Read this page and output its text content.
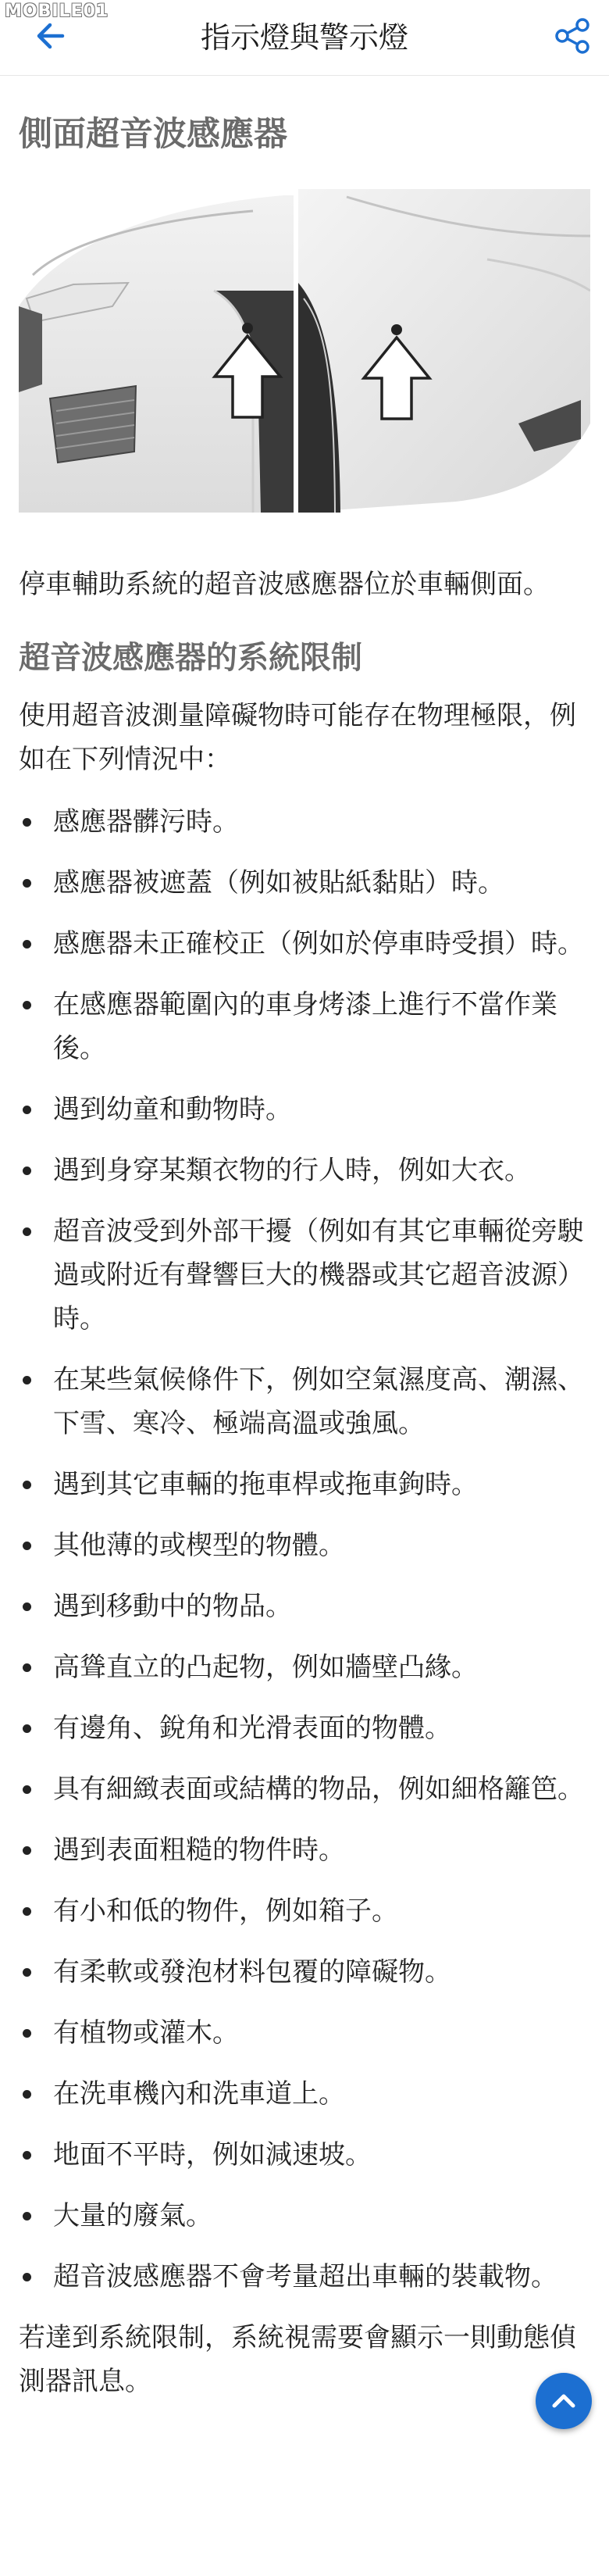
MOBILE01
指示燈與警示燈
側面超音波感應器
停車輔助系統的超音波感應器位於車輛側面。
超音波感應器的系統限制
使用超音波測量障礙物時可能存在物理極限，例如在下列情況中：
感應器髒污時。
感應器被遮蓋（例如被貼紙黏貼）時。
感應器未正確校正（例如於停車時受損）時。
在感應器範圍內的車身烤漆上進行不當作業後。
遇到幼童和動物時。
遇到身穿某類衣物的行人時，例如大衣。
超音波受到外部干擾（例如有其它車輛從旁駛過或附近有聲響巨大的機器或其它超音波源）時。
在某些氣候條件下，例如空氣濕度高、潮濕、下雪、寒冷、極端高溫或強風。
遇到其它車輛的拖車桿或拖車鉤時。
其他薄的或楔型的物體。
遇到移動中的物品。
高聳直立的凸起物，例如牆壁凸緣。
有邊角、銳角和光滑表面的物體。
具有細緻表面或結構的物品，例如細格籬笆。
遇到表面粗糙的物件時。
有小和低的物件，例如箱子。
有柔軟或發泡材料包覆的障礙物。
有植物或灌木。
在洗車機內和洗車道上。
地面不平時，例如減速坡。
大量的廢氣。
超音波感應器不會考量超出車輛的裝載物。
若達到系統限制，系統視需要會顯示一則動態偵測器訊息。
